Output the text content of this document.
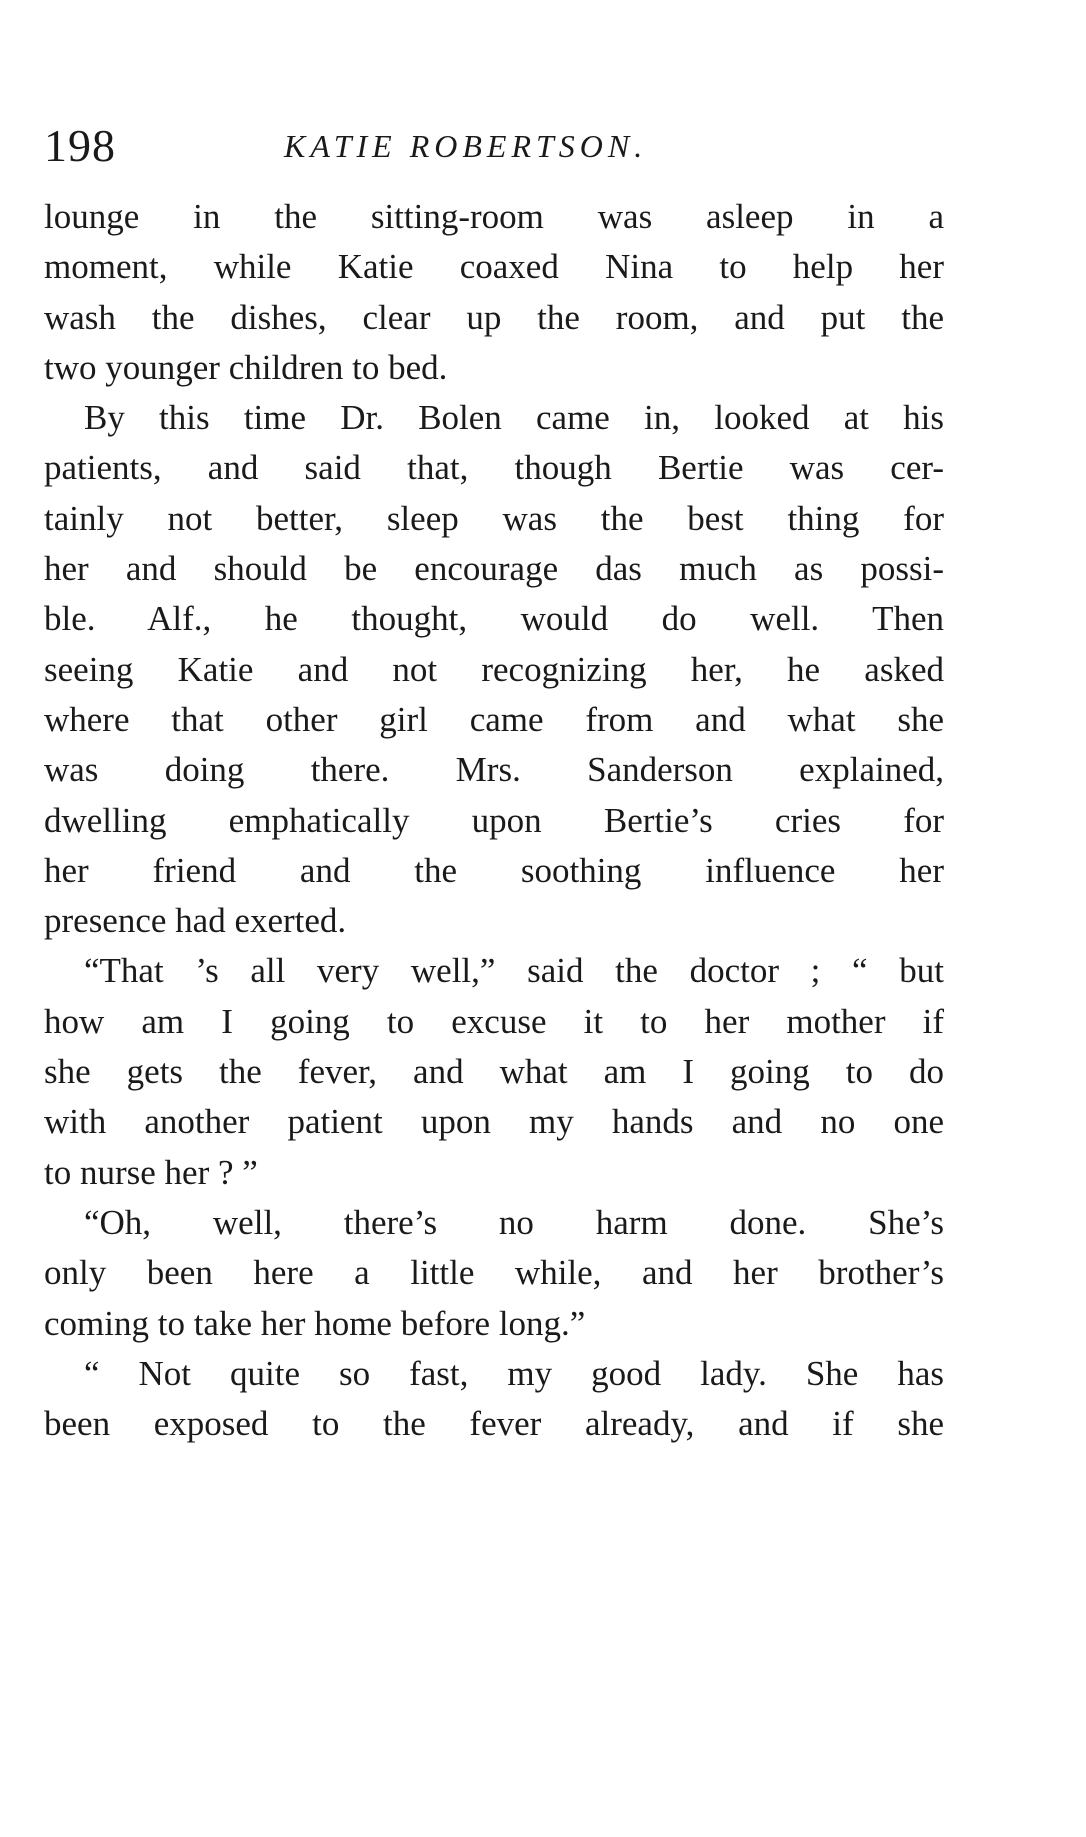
198	KATIE ROBERTSON.
lounge in the sitting-room was asleep in a
moment, while Katie coaxed Nina to help her
wash the dishes, clear up the room, and put the
two younger children to bed.
By this time Dr. Bolen came in, looked at his
patients, and said that, though Bertie was cer-
tainly not better, sleep was the best thing for
her and should be encourage das much as possi-
ble. Alf., he thought, would do well. Then
seeing Katie and not recognizing her, he asked
where that other girl came from and what she
was doing there. Mrs. Sanderson explained,
dwelling emphatically upon Bertie’s cries for
her friend and the soothing influence her
presence had exerted.
“That ’s all very well,” said the doctor ; “ but
how am I going to excuse it to her mother if
she gets the fever, and what am I going to do
with another patient upon my hands and no one
to nurse her ? ”
“Oh, well, there’s no harm done. She’s
only been here a little while, and her brother’s
coming to take her home before long.”
“ Not quite so fast, my good lady. She has
been exposed to the fever already, and if she
